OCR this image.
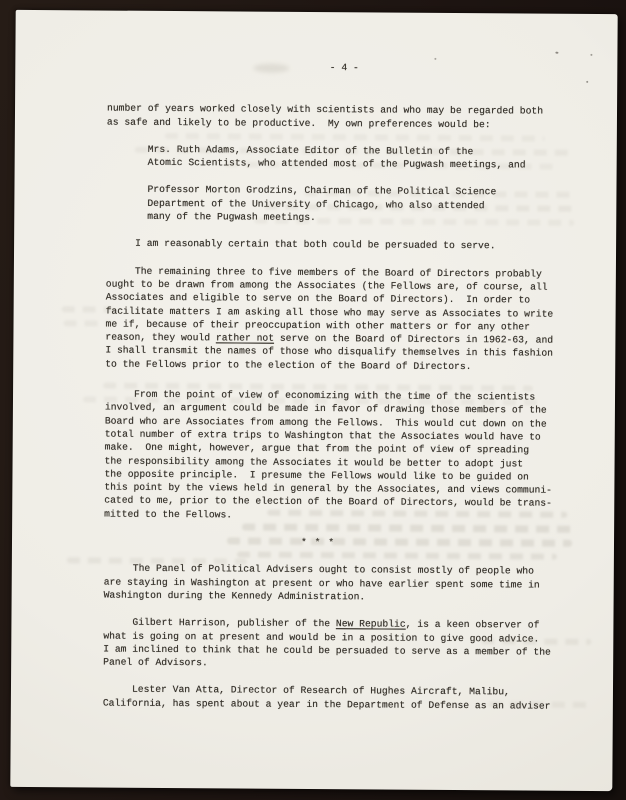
- 4 -

number of years worked closely with scientists and who may be regarded both
as safe and likely to be productive.  My own preferences would be:

Mrs. Ruth Adams, Associate Editor of the Bulletin of the
Atomic Scientists, who attended most of the Pugwash meetings, and

Professor Morton Grodzins, Chairman of the Political Science
Department of the University of Chicago, who also attended
many of the Pugwash meetings.

I am reasonably certain that both could be persuaded to serve.

The remaining three to five members of the Board of Directors probably
ought to be drawn from among the Associates (the Fellows are, of course, all
Associates and eligible to serve on the Board of Directors).  In order to
facilitate matters I am asking all those who may serve as Associates to write
me if, because of their preoccupation with other matters or for any other
reason, they would rather not serve on the Board of Directors in 1962-63, and
I shall transmit the names of those who disqualify themselves in this fashion
to the Fellows prior to the election of the Board of Directors.

From the point of view of economizing with the time of the scientists
involved, an argument could be made in favor of drawing those members of the
Board who are Associates from among the Fellows.  This would cut down on the
total number of extra trips to Washington that the Associates would have to
make.  One might, however, argue that from the point of view of spreading
the responsibility among the Associates it would be better to adopt just
the opposite principle.  I presume the Fellows would like to be guided on
this point by the views held in general by the Associates, and views communi-
cated to me, prior to the election of the Board of Directors, would be trans-
mitted to the Fellows.

* * *

The Panel of Political Advisers ought to consist mostly of people who
are staying in Washington at present or who have earlier spent some time in
Washington during the Kennedy Administration.

Gilbert Harrison, publisher of the New Republic, is a keen observer of
what is going on at present and would be in a position to give good advice.
I am inclined to think that he could be persuaded to serve as a member of the
Panel of Advisors.

Lester Van Atta, Director of Research of Hughes Aircraft, Malibu,
California, has spent about a year in the Department of Defense as an adviser
